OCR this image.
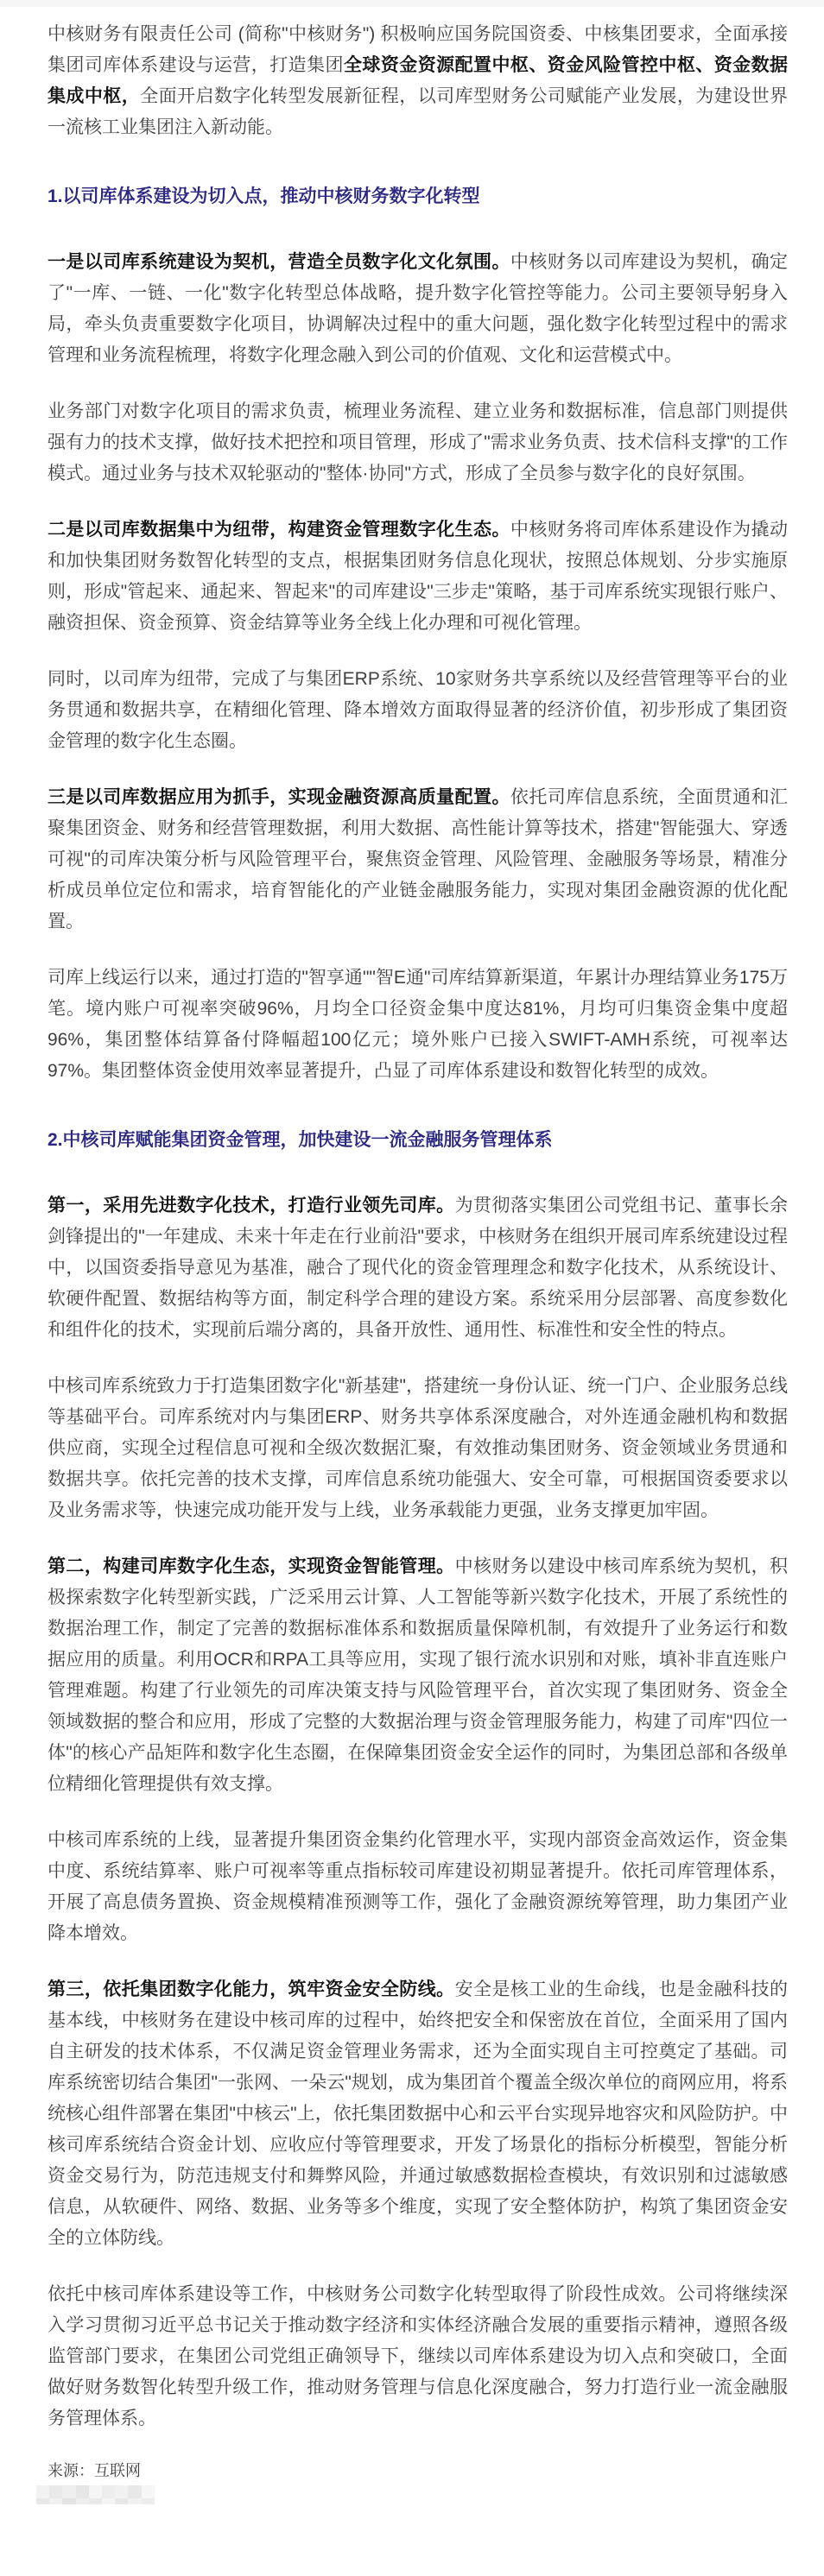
中核财务有限责任公司 (简称"中核财务") 积极响应国务院国资委、中核集团要求，全面承接集团司库体系建设与运营，打造集团全球资金资源配置中枢、资金风险管控中枢、资金数据集成中枢，全面开启数字化转型发展新征程，以司库型财务公司赋能产业发展，为建设世界一流核工业集团注入新动能。

1.以司库体系建设为切入点，推动中核财务数字化转型

一是以司库系统建设为契机，营造全员数字化文化氛围。中核财务以司库建设为契机，确定了"一库、一链、一化"数字化转型总体战略，提升数字化管控等能力。公司主要领导躬身入局，牵头负责重要数字化项目，协调解决过程中的重大问题，强化数字化转型过程中的需求管理和业务流程梳理，将数字化理念融入到公司的价值观、文化和运营模式中。

业务部门对数字化项目的需求负责，梳理业务流程、建立业务和数据标准，信息部门则提供强有力的技术支撑，做好技术把控和项目管理，形成了"需求业务负责、技术信科支撑"的工作模式。通过业务与技术双轮驱动的"整体·协同"方式，形成了全员参与数字化的良好氛围。

二是以司库数据集中为纽带，构建资金管理数字化生态。中核财务将司库体系建设作为撬动和加快集团财务数智化转型的支点，根据集团财务信息化现状，按照总体规划、分步实施原则，形成"管起来、通起来、智起来"的司库建设"三步走"策略，基于司库系统实现银行账户、融资担保、资金预算、资金结算等业务全线上化办理和可视化管理。

同时，以司库为纽带，完成了与集团ERP系统、10家财务共享系统以及经营管理等平台的业务贯通和数据共享，在精细化管理、降本增效方面取得显著的经济价值，初步形成了集团资金管理的数字化生态圈。

三是以司库数据应用为抓手，实现金融资源高质量配置。依托司库信息系统，全面贯通和汇聚集团资金、财务和经营管理数据，利用大数据、高性能计算等技术，搭建"智能强大、穿透可视"的司库决策分析与风险管理平台，聚焦资金管理、风险管理、金融服务等场景，精准分析成员单位定位和需求，培育智能化的产业链金融服务能力，实现对集团金融资源的优化配置。

司库上线运行以来，通过打造的"智享通""智E通"司库结算新渠道，年累计办理结算业务175万笔。境内账户可视率突破96%，月均全口径资金集中度达81%，月均可归集资金集中度超96%，集团整体结算备付降幅超100亿元；境外账户已接入SWIFT-AMH系统，可视率达97%。集团整体资金使用效率显著提升，凸显了司库体系建设和数智化转型的成效。

2.中核司库赋能集团资金管理，加快建设一流金融服务管理体系

第一，采用先进数字化技术，打造行业领先司库。为贯彻落实集团公司党组书记、董事长余剑锋提出的"一年建成、未来十年走在行业前沿"要求，中核财务在组织开展司库系统建设过程中，以国资委指导意见为基准，融合了现代化的资金管理理念和数字化技术，从系统设计、软硬件配置、数据结构等方面，制定科学合理的建设方案。系统采用分层部署、高度参数化和组件化的技术，实现前后端分离的，具备开放性、通用性、标准性和安全性的特点。

中核司库系统致力于打造集团数字化"新基建"，搭建统一身份认证、统一门户、企业服务总线等基础平台。司库系统对内与集团ERP、财务共享体系深度融合，对外连通金融机构和数据供应商，实现全过程信息可视和全级次数据汇聚，有效推动集团财务、资金领域业务贯通和数据共享。依托完善的技术支撑，司库信息系统功能强大、安全可靠，可根据国资委要求以及业务需求等，快速完成功能开发与上线，业务承载能力更强，业务支撑更加牢固。

第二，构建司库数字化生态，实现资金智能管理。中核财务以建设中核司库系统为契机，积极探索数字化转型新实践，广泛采用云计算、人工智能等新兴数字化技术，开展了系统性的数据治理工作，制定了完善的数据标准体系和数据质量保障机制，有效提升了业务运行和数据应用的质量。利用OCR和RPA工具等应用，实现了银行流水识别和对账，填补非直连账户管理难题。构建了行业领先的司库决策支持与风险管理平台，首次实现了集团财务、资金全领域数据的整合和应用，形成了完整的大数据治理与资金管理服务能力，构建了司库"四位一体"的核心产品矩阵和数字化生态圈，在保障集团资金安全运作的同时，为集团总部和各级单位精细化管理提供有效支撑。

中核司库系统的上线，显著提升集团资金集约化管理水平，实现内部资金高效运作，资金集中度、系统结算率、账户可视率等重点指标较司库建设初期显著提升。依托司库管理体系，开展了高息债务置换、资金规模精准预测等工作，强化了金融资源统筹管理，助力集团产业降本增效。

第三，依托集团数字化能力，筑牢资金安全防线。安全是核工业的生命线，也是金融科技的基本线，中核财务在建设中核司库的过程中，始终把安全和保密放在首位，全面采用了国内自主研发的技术体系，不仅满足资金管理业务需求，还为全面实现自主可控奠定了基础。司库系统密切结合集团"一张网、一朵云"规划，成为集团首个覆盖全级次单位的商网应用，将系统核心组件部署在集团"中核云"上，依托集团数据中心和云平台实现异地容灾和风险防护。中核司库系统结合资金计划、应收应付等管理要求，开发了场景化的指标分析模型，智能分析资金交易行为，防范违规支付和舞弊风险，并通过敏感数据检查模块，有效识别和过滤敏感信息，从软硬件、网络、数据、业务等多个维度，实现了安全整体防护，构筑了集团资金安全的立体防线。

依托中核司库体系建设等工作，中核财务公司数字化转型取得了阶段性成效。公司将继续深入学习贯彻习近平总书记关于推动数字经济和实体经济融合发展的重要指示精神，遵照各级监管部门要求，在集团公司党组正确领导下，继续以司库体系建设为切入点和突破口，全面做好财务数智化转型升级工作，推动财务管理与信息化深度融合，努力打造行业一流金融服务管理体系。

来源：互联网
